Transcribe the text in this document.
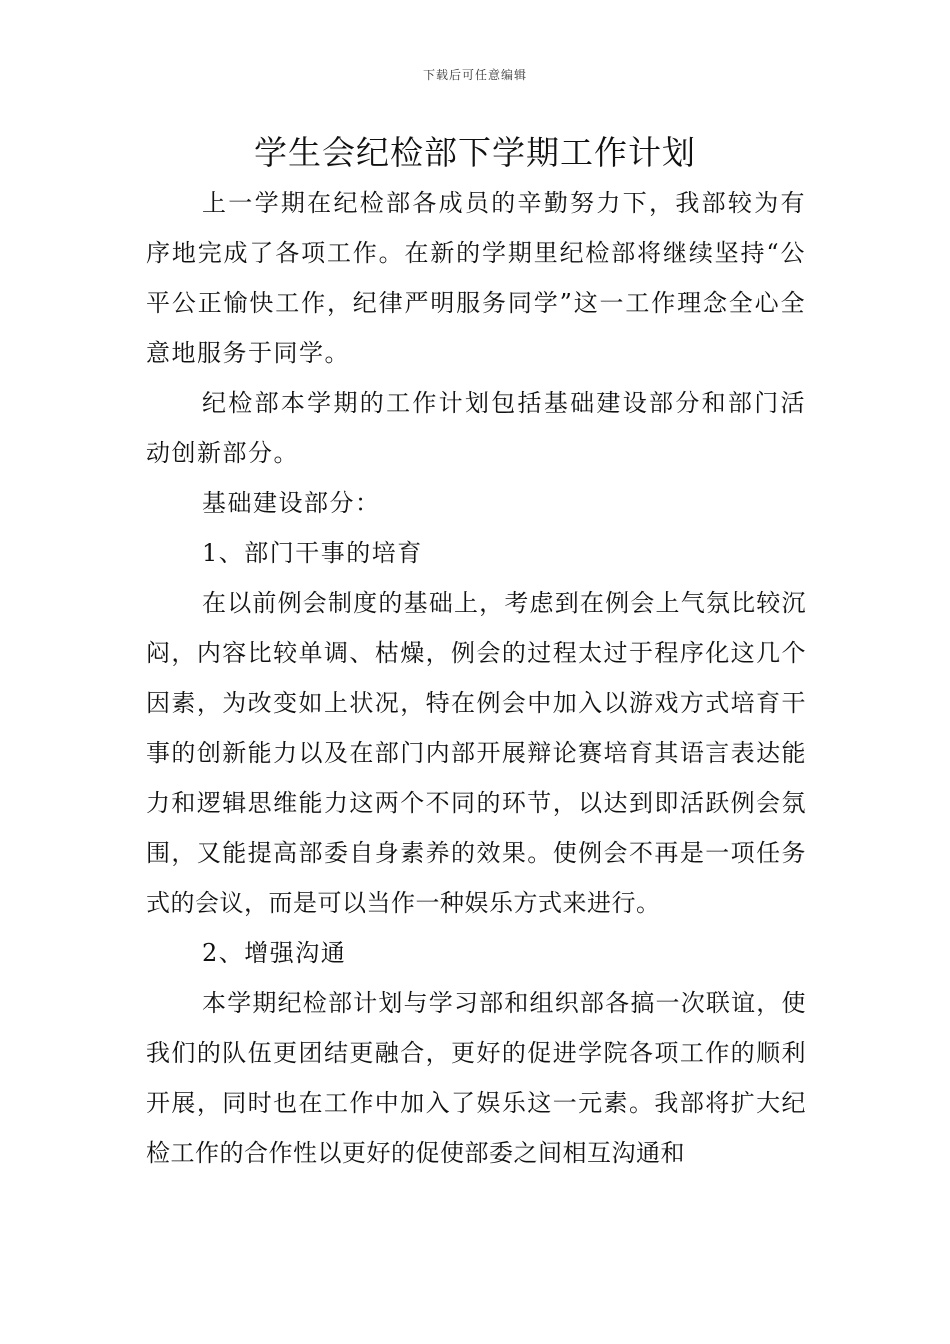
下载后可任意编辑
学生会纪检部下学期工作计划

上一学期在纪检部各成员的辛勤努力下，我部较为有序地完成了各项工作。在新的学期里纪检部将继续坚持“公平公正愉快工作，纪律严明服务同学”这一工作理念全心全意地服务于同学。

纪检部本学期的工作计划包括基础建设部分和部门活动创新部分。

基础建设部分：

1、部门干事的培育

在以前例会制度的基础上，考虑到在例会上气氛比较沉闷，内容比较单调、枯燥，例会的过程太过于程序化这几个因素，为改变如上状况，特在例会中加入以游戏方式培育干事的创新能力以及在部门内部开展辩论赛培育其语言表达能力和逻辑思维能力这两个不同的环节，以达到即活跃例会氛围，又能提高部委自身素养的效果。使例会不再是一项任务式的会议，而是可以当作一种娱乐方式来进行。

2、增强沟通

本学期纪检部计划与学习部和组织部各搞一次联谊，使我们的队伍更团结更融合，更好的促进学院各项工作的顺利开展，同时也在工作中加入了娱乐这一元素。我部将扩大纪检工作的合作性以更好的促使部委之间相互沟通和
